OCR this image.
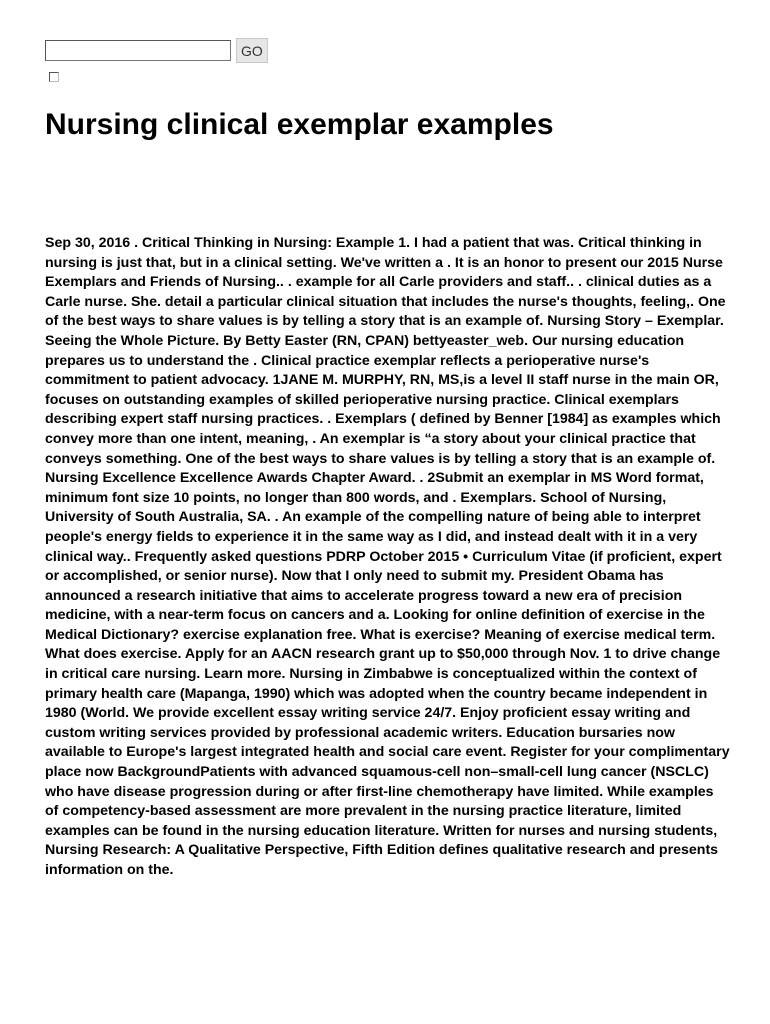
GO
Nursing clinical exemplar examples

Sep 30, 2016 . Critical Thinking in Nursing: Example 1. I had a patient that was. Critical thinking in nursing is just that, but in a clinical setting. We've written a . It is an honor to present our 2015 Nurse Exemplars and Friends of Nursing.. . example for all Carle providers and staff.. . clinical duties as a Carle nurse. She. detail a particular clinical situation that includes the nurse's thoughts, feeling,. One of the best ways to share values is by telling a story that is an example of. Nursing Story – Exemplar. Seeing the Whole Picture. By Betty Easter (RN, CPAN) bettyeaster_web. Our nursing education prepares us to understand the . Clinical practice exemplar reflects a perioperative nurse's commitment to patient advocacy. 1JANE M. MURPHY, RN, MS,is a level II staff nurse in the main OR, focuses on outstanding examples of skilled perioperative nursing practice. Clinical exemplars describing expert staff nursing practices. . Exemplars ( defined by Benner [1984] as examples which convey more than one intent, meaning, . An exemplar is “a story about your clinical practice that conveys something. One of the best ways to share values is by telling a story that is an example of. Nursing Excellence Excellence Awards Chapter Award. . 2Submit an exemplar in MS Word format, minimum font size 10 points, no longer than 800 words, and . Exemplars. School of Nursing, University of South Australia, SA. . An example of the compelling nature of being able to interpret people's energy fields to experience it in the same way as I did, and instead dealt with it in a very clinical way.. Frequently asked questions PDRP October 2015 • Curriculum Vitae (if proficient, expert or accomplished, or senior nurse). Now that I only need to submit my. President Obama has announced a research initiative that aims to accelerate progress toward a new era of precision medicine, with a near-term focus on cancers and a. Looking for online definition of exercise in the Medical Dictionary? exercise explanation free. What is exercise? Meaning of exercise medical term. What does exercise. Apply for an AACN research grant up to $50,000 through Nov. 1 to drive change in critical care nursing. Learn more. Nursing in Zimbabwe is conceptualized within the context of primary health care (Mapanga, 1990) which was adopted when the country became independent in 1980 (World. We provide excellent essay writing service 24/7. Enjoy proficient essay writing and custom writing services provided by professional academic writers. Education bursaries now available to Europe's largest integrated health and social care event. Register for your complimentary place now BackgroundPatients with advanced squamous-cell non–small-cell lung cancer (NSCLC) who have disease progression during or after first-line chemotherapy have limited. While examples of competency-based assessment are more prevalent in the nursing practice literature, limited examples can be found in the nursing education literature. Written for nurses and nursing students, Nursing Research: A Qualitative Perspective, Fifth Edition defines qualitative research and presents information on the.
